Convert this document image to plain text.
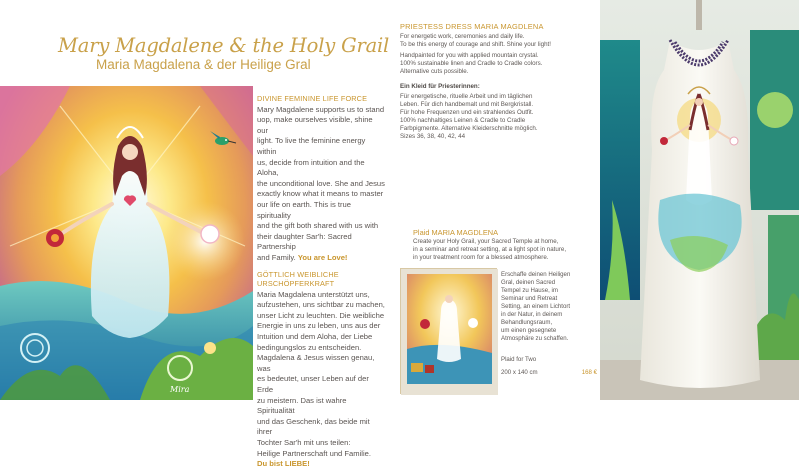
Mary Magdalene & the Holy Grail
Maria Magdalena & der Heilige Gral
Mira
DIVINE FEMININE LIFE FORCE
Mary Magdalene supports us to stand
uop, make ourselves visible, shine our
light. To live the feminine energy within
us, decide from intuition and the Aloha,
the unconditional love. She and Jesus
exactly know what it means to master
our life on earth. This is true spirituality
and the gift both shared with us with
their daughter Sar'h: Sacred Partnership
and Family. You are Love!
GÖTTLICH WEIBLICHE
URSCHÖPFERKRAFT
Maria Magdalena unterstützt uns,
aufzustehen, uns sichtbar zu machen,
unser Licht zu leuchten. Die weibliche
Energie in uns zu leben, uns aus der
Intuition und dem Aloha, der Liebe
bedingungslos zu entscheiden.
Magdalena & Jesus wissen genau, was
es bedeutet, unser Leben auf der Erde
zu meistern. Das ist wahre Spiritualität
und das Geschenk, das beide mit ihrer
Tochter Sar'h mit uns teilen:
Heilige Partnerschaft und Familie.
Du bist LIEBE!
PRIESTESS DRESS MARIA MAGDLENA
For energetic work, ceremonies and daily life.
To be this energy of courage and shift. Shine your light!
Handpainted for you with applied mountain crystal.
100% sustainable linen and Cradle to Cradle colors.
Alternative cuts possible.
Ein Kleid für Priesterinnen:
Für energetische, rituelle Arbeit und im täglichen
Leben. Für dich handbemalt und mit Bergkristall.
Für hohe Frequenzen und ein strahlendes Outfit.
100% nachhaltiges Leinen & Cradle to Cradle
Farbpigmente. Alternative Kleiderschnitte möglich.
Sizes 36, 38, 40, 42, 44
Plaid MARIA MAGDLENA
Create your Holy Grail, your Sacred Temple at home,
in a seminar and retreat setting, at a light spot in nature,
in your treatment room for a blessed atmosphere.
Erschaffe deinen Heiligen
Gral, deinen Sacred
Tempel zu Hause, im
Seminar und Retreat
Setting, an einem Lichtort
in der Natur, in deinem
Behandlungsraum,
um einen gesegnete
Atmosphäre zu schaffen.
Plaid for Two
200 x 140 cm	168 €
